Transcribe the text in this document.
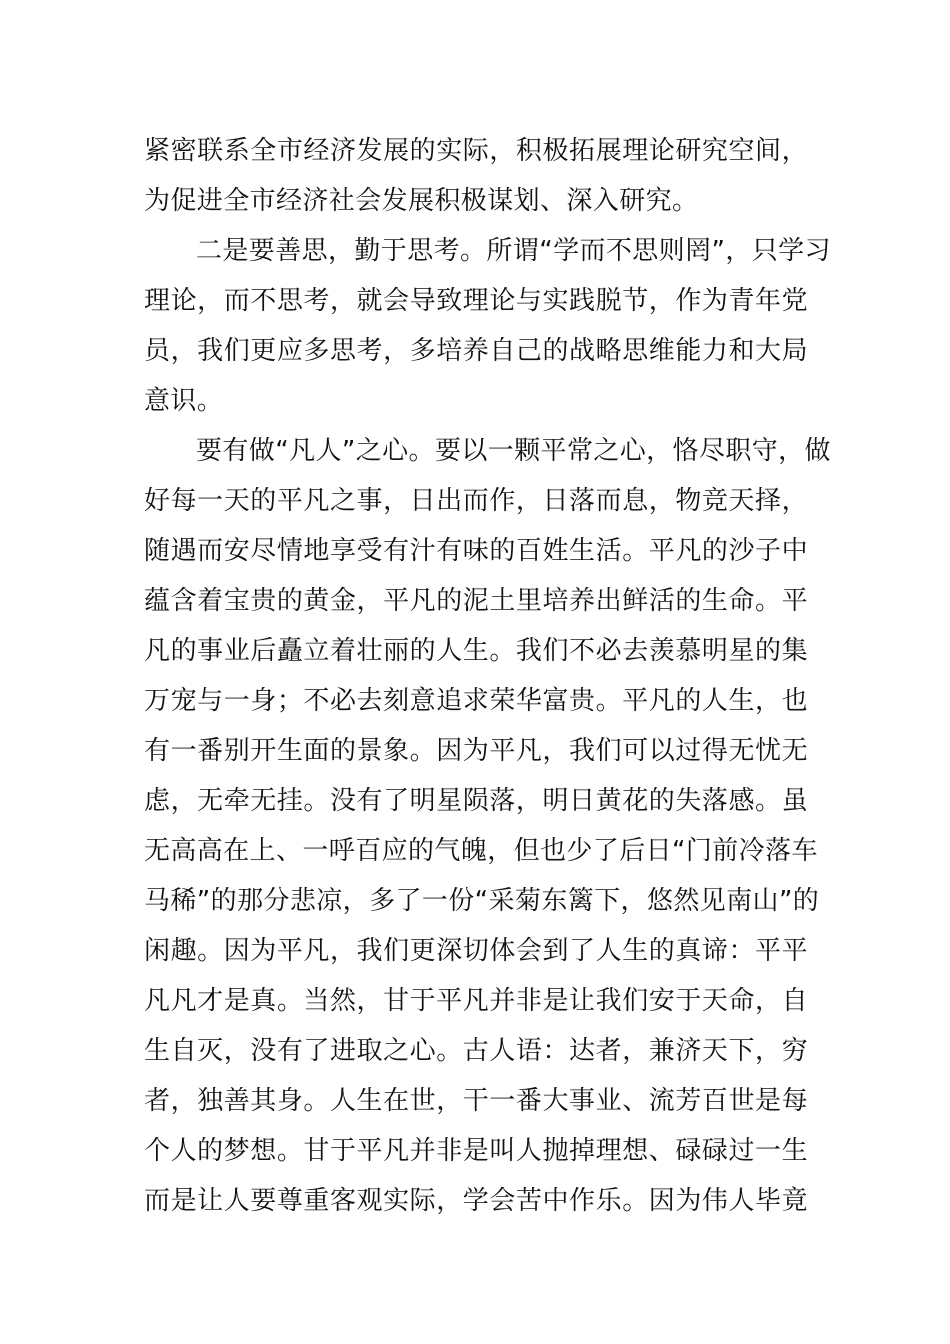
紧密联系全市经济发展的实际，积极拓展理论研究空间，
为促进全市经济社会发展积极谋划、深入研究。
二是要善思，勤于思考。所谓“学而不思则罔”，只学习
理论，而不思考，就会导致理论与实践脱节，作为青年党
员，我们更应多思考，多培养自己的战略思维能力和大局
意识。
要有做“凡人”之心。要以一颗平常之心，恪尽职守，做
好每一天的平凡之事，日出而作，日落而息，物竞天择，
随遇而安尽情地享受有汁有味的百姓生活。平凡的沙子中
蕴含着宝贵的黄金，平凡的泥土里培养出鲜活的生命。平
凡的事业后矗立着壮丽的人生。我们不必去羡慕明星的集
万宠与一身；不必去刻意追求荣华富贵。平凡的人生，也
有一番别开生面的景象。因为平凡，我们可以过得无忧无
虑，无牵无挂。没有了明星陨落，明日黄花的失落感。虽
无高高在上、一呼百应的气魄，但也少了后日“门前冷落车
马稀”的那分悲凉，多了一份“采菊东篱下，悠然见南山”的
闲趣。因为平凡，我们更深切体会到了人生的真谛：平平
凡凡才是真。当然，甘于平凡并非是让我们安于天命，自
生自灭，没有了进取之心。古人语：达者，兼济天下，穷
者，独善其身。人生在世，干一番大事业、流芳百世是每
个人的梦想。甘于平凡并非是叫人抛掉理想、碌碌过一生
而是让人要尊重客观实际，学会苦中作乐。因为伟人毕竟
